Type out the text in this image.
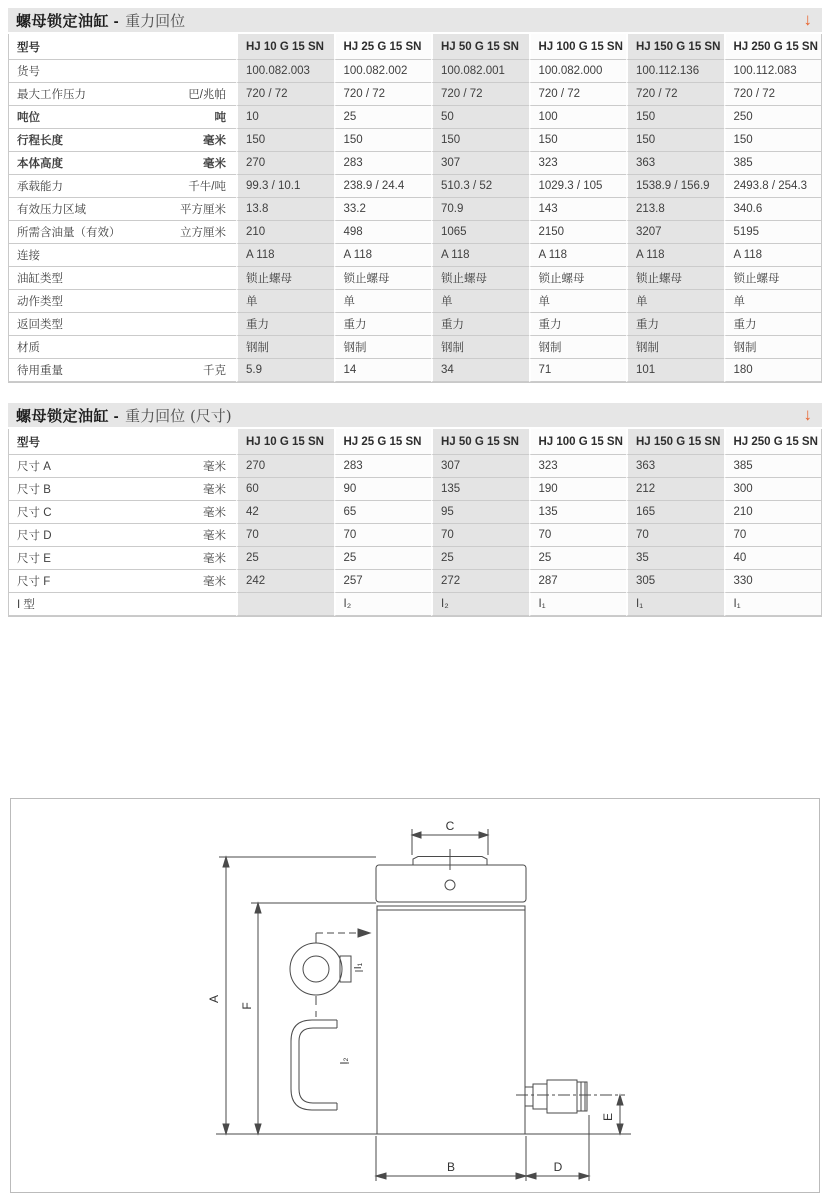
螺母锁定油缸 - 重力回位	↓
型号	HJ 10 G 15 SN	HJ 25 G 15 SN	HJ 50 G 15 SN	HJ 100 G 15 SN	HJ 150 G 15 SN	HJ 250 G 15 SN

货号	100.082.003	100.082.002	100.082.001	100.082.000	100.112.136	100.112.083

最大工作压力 巴/兆帕	720 / 72	720 / 72	720 / 72	720 / 72	720 / 72	720 / 72

吨位 吨	10	25	50	100	150	250

行程长度 毫米	150	150	150	150	150	150

本体高度 毫米	270	283	307	323	363	385

承载能力 千牛/吨	99.3 / 10.1	238.9 / 24.4	510.3 / 52	1029.3 / 105	1538.9 / 156.9	2493.8 / 254.3

有效压力区域 平方厘米	13.8	33.2	70.9	143	213.8	340.6

所需含油量（有效） 立方厘米	210	498	1065	2150	3207	5195

连接	A 118	A 118	A 118	A 118	A 118	A 118

油缸类型	锁止螺母	锁止螺母	锁止螺母	锁止螺母	锁止螺母	锁止螺母

动作类型	单	单	单	单	单	单

返回类型	重力	重力	重力	重力	重力	重力

材质	钢制	钢制	钢制	钢制	钢制	钢制

待用重量 千克	5.9	14	34	71	101	180
螺母锁定油缸 - 重力回位 (尺寸)	↓
型号	HJ 10 G 15 SN	HJ 25 G 15 SN	HJ 50 G 15 SN	HJ 100 G 15 SN	HJ 150 G 15 SN	HJ 250 G 15 SN

尺寸 A 毫米	270	283	307	323	363	385

尺寸 B 毫米	60	90	135	190	212	300

尺寸 C 毫米	42	65	95	135	165	210

尺寸 D 毫米	70	70	70	70	70	70

尺寸 E 毫米	25	25	25	25	35	40

尺寸 F 毫米	242	257	272	287	305	330

I 型		I₂	I₂	I₁	I₁	I₁
C
A
F
B	D
E
I₁
I₂
